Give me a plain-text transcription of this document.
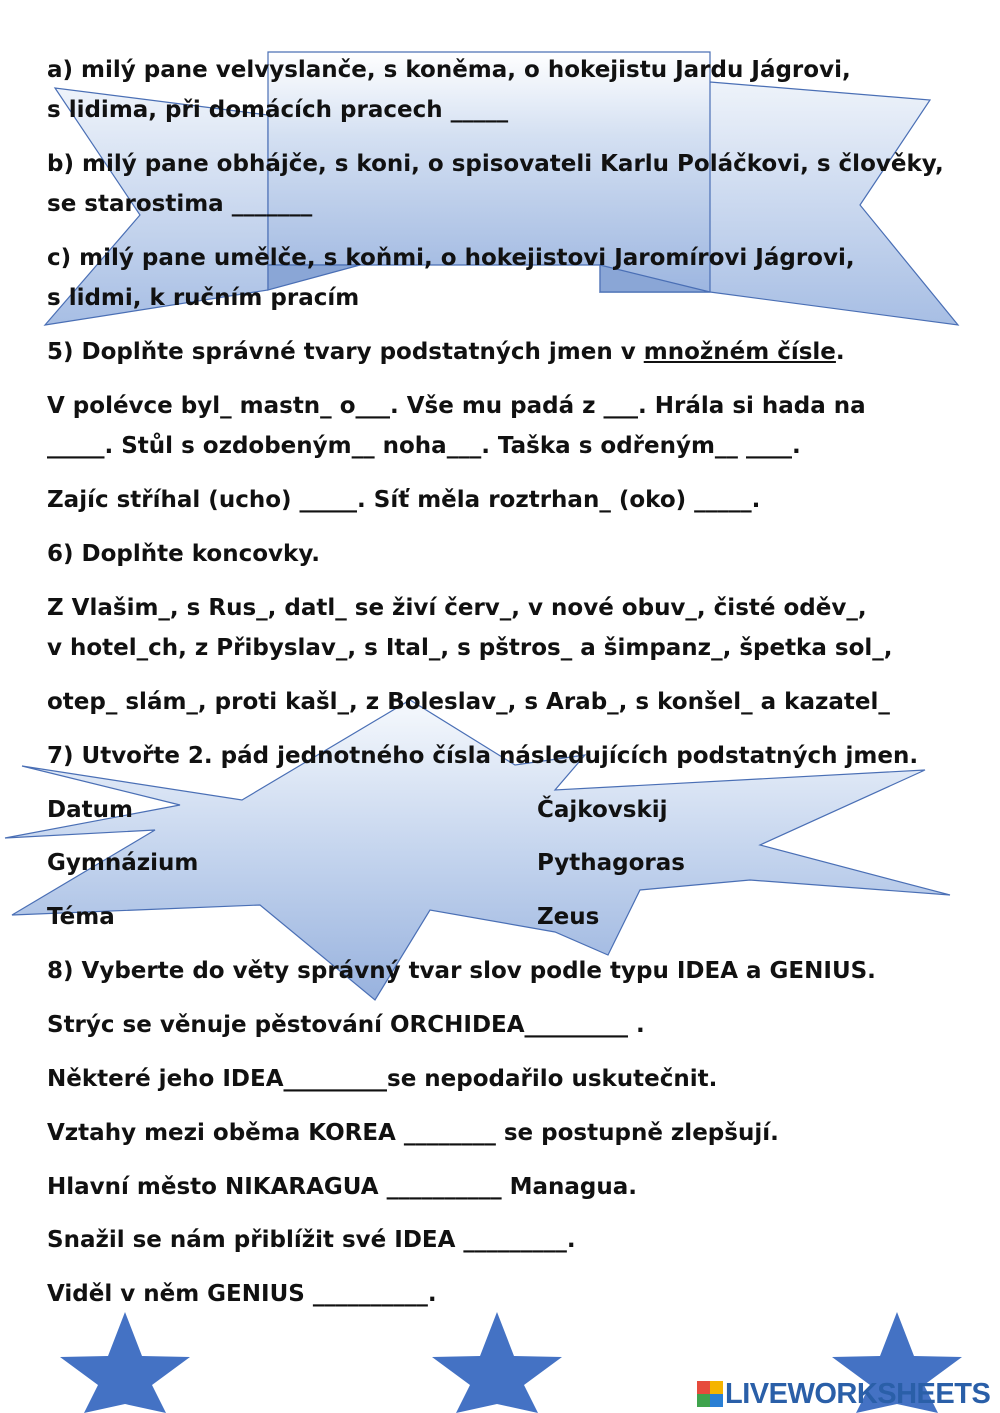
a) milý pane velvyslanče, s koněma, o hokejistu Jardu Jágrovi,
s lidima, při domácích pracech _____
b) milý pane obhájče, s koni, o spisovateli Karlu Poláčkovi, s člověky,
se starostima _______
c) milý pane umělče, s koňmi, o hokejistovi Jaromírovi Jágrovi,
s lidmi, k ručním pracím
5) Doplňte správné tvary podstatných jmen v množném čísle.
V polévce byl_ mastn_ o___. Vše mu padá z ___. Hrála si hada na
_____. Stůl s ozdobeným__ noha___. Taška s odřeným__ ____.
Zajíc stříhal (ucho) _____. Síť měla roztrhan_ (oko) _____.
6) Doplňte koncovky.
Z Vlašim_, s Rus_, datl_ se živí červ_, v nové obuv_, čisté oděv_,
v hotel_ch, z Přibyslav_, s Ital_, s pštros_ a šimpanz_, špetka sol_,
otep_ slám_, proti kašl_, z Boleslav_, s Arab_, s konšel_ a kazatel_
7) Utvořte 2. pád jednotného čísla následujících podstatných jmen.
Datum	Čajkovskij
Gymnázium	Pythagoras
Téma	Zeus
8) Vyberte do věty správný tvar slov podle typu IDEA a GENIUS.
Strýc se věnuje pěstování ORCHIDEA_________ .
Některé jeho IDEA_________se nepodařilo uskutečnit.
Vztahy mezi oběma KOREA ________ se postupně zlepšují.
Hlavní město NIKARAGUA __________ Managua.
Snažil se nám přiblížit své IDEA _________.
Viděl v něm GENIUS __________.
LIVEWORKSHEETS
